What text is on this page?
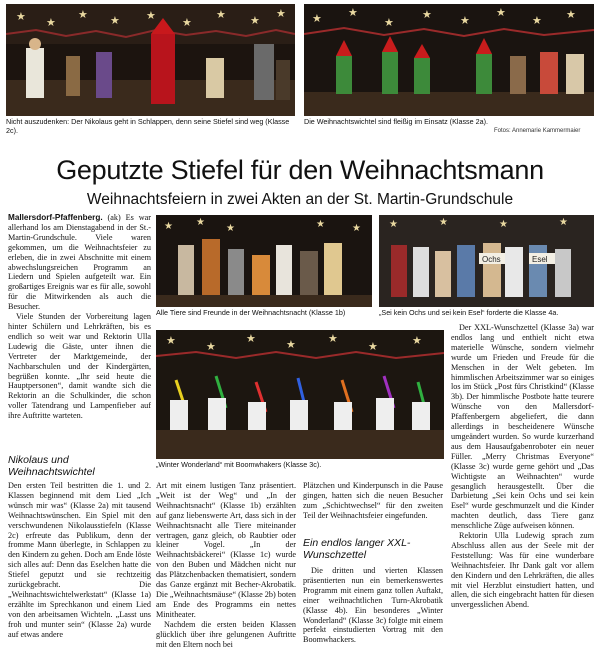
★ ★
★ ★ ★
★
★ ★
★ ★ ★
★
★	★
★
★ ★
Nicht auszudenken: Der Nikolaus geht in Schlappen, denn seine Stiefel sind weg (Klasse 2c).
Die Weihnachtswichtel sind fleißig im Einsatz (Klasse 2a).
Fotos: Annemarie Kammermaier
Geputzte Stiefel für den Weihnachtsmann
Weihnachtsfeiern in zwei Akten an der St. Martin-Grundschule
★ ★
★	★	★	★	★	★	★
Ochs	Esel
Alle Tiere sind Freunde in der Weihnachtsnacht (Klasse 1b)	„Sei kein Ochs und sei kein Esel“ forderte die Klasse 4a.
★	★
★	★	★
★	★
„Winter Wonderland“ mit Boomwhakers (Klasse 3c).

Mallersdorf-Pfaffenberg. (ak) Es war allerhand los am Dienstagabend in der St.-Martin-Grundschule. Viele waren gekommen, um die Weihnachtsfeier zu erleben, die in zwei Abschnitte mit einem abwechslungsreichen Programm an Liedern und Spielen aufgeteilt war. Ein großartiges Ereignis war es für alle, sowohl für die Mitwirkenden als auch die Besucher.

Viele Stunden der Vorbereitung lagen hinter Schülern und Lehrkräften, bis es endlich so weit war und Rektorin Ulla Ludewig die Gäste, unter ihnen die Vertreter der Marktgemeinde, der Nachbarschulen und der Kindergärten, begrüßen konnte. „Ihr seid heute die Hauptpersonen“, damit wandte sich die Rektorin an die Schulkinder, die schon voller Tatendrang und Lampenfieber auf ihre Auftritte warteten.

Nikolaus und Weihnachtswichtel

Den ersten Teil bestritten die 1. und 2. Klassen beginnend mit dem Lied „Ich wünsch mir was“ (Klasse 2a) mit tausend Weihnachtswünschen. Ein Spiel mit den verschwundenen Nikolausstiefeln (Klasse 2c) erfreute das Publikum, denn der fromme Mann überlegte, in Schlappen zu den Kindern zu gehen. Doch am Ende löste sich alles auf: Denn das Eselchen hatte die Stiefel geputzt und sie rechtzeitig zurückgebracht. Die „Weihnachtswichtelwerkstatt“ (Klasse 1a) erzählte im Sprechkanon und einem Lied von den arbeitsamen Wichteln. „Lasst uns froh und munter sein“ (Klasse 2a) wurde auf etwas andere

Art mit einem lustigen Tanz präsentiert. „Weit ist der Weg“ und „In der Weihnachtsnacht“ (Klasse 1b) erzählten auf ganz liebenswerte Art, dass sich in der Weihnachtsnacht alle Tiere miteinander vertragen, ganz gleich, ob Raubtier oder kleiner Vogel. „In der Weihnachtsbäckerei“ (Klasse 1c) wurde von den Buben und Mädchen nicht nur das Plätzchenbacken thematisiert, sondern das Ganze ergänzt mit Becher-Akrobatik. Die „Weihnachtsmäuse“ (Klasse 2b) boten am Ende des Programms ein nettes Minitheater.

Nachdem die ersten beiden Klassen glücklich über ihre gelungenen Auftritte mit den Eltern noch bei

Plätzchen und Kinderpunsch in die Pause gingen, hatten sich die neuen Besucher zum „Schichtwechsel“ für den zweiten Teil der Weihnachtsfeier eingefunden.

Ein endlos langer XXL-Wunschzettel

Die dritten und vierten Klassen präsentierten nun ein bemerkenswertes Programm mit einem ganz tollen Auftakt, einer weihnachtlichen Turn-Akrobatik (Klasse 4b). Ein besonderes „Winter Wonderland“ (Klasse 3c) folgte mit einem perfekt einstudierten Vortrag mit den Boomwhackers.

Der XXL-Wunschzettel (Klasse 3a) war endlos lang und enthielt nicht etwa materielle Wünsche, sondern vielmehr wurde um Frieden und Freude für die Menschen in der Welt gebeten. Im himmlischen Arbeitszimmer war so einiges los im Stück „Post fürs Christkind“ (Klasse 3b). Der himmlische Postbote hatte teurere Wünsche von den Mallersdorf-Pfaffenbergern abgeliefert, die dann allerdings in bescheidenere Wünsche umgeändert wurden. So wurde kurzerhand aus dem Hausaufgabenroboter ein neuer Füller. „Merry Christmas Everyone“ (Klasse 3c) wurde gerne gehört und „Das Wichtigste an Weihnachten“ wurde gesanglich herausgestellt. Über die Darbietung „Sei kein Ochs und sei kein Esel“ wurde geschmunzelt und die Kinder machten deutlich, dass Tiere ganz menschliche Züge aufweisen können.

Rektorin Ulla Ludewig sprach zum Abschluss allen aus der Seele mit der Feststellung: Was für eine wunderbare Weihnachtsfeier. Ihr Dank galt vor allem den Kindern und den Lehrkräften, die alles mit viel Herzblut einstudiert hatten, und allen, die sich eingebracht hatten für diesen unvergesslichen Abend.
